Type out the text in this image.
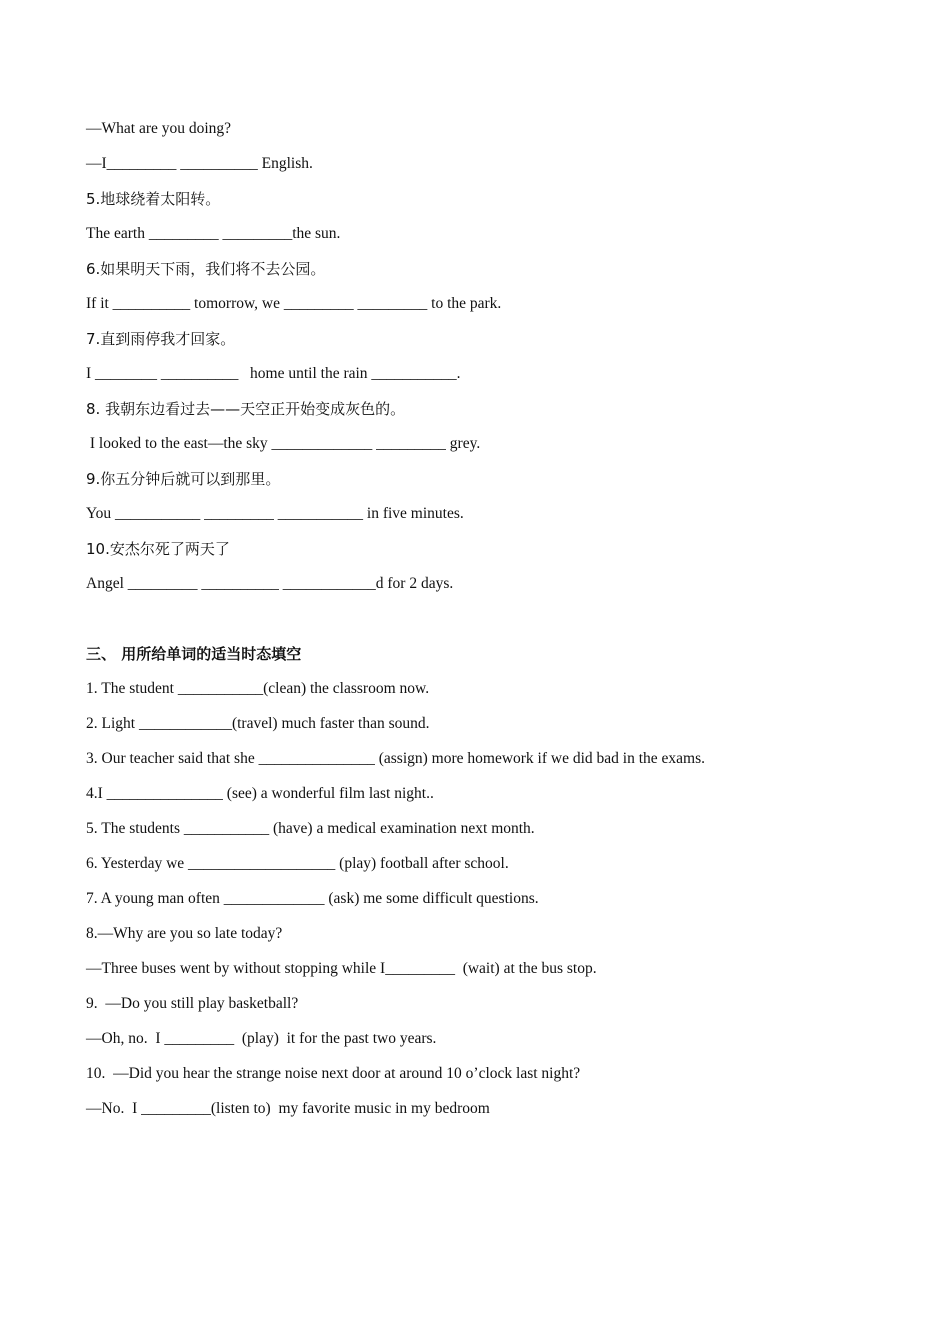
—What are you doing?
—I_________ __________ English.
5.地球绕着太阳转。
The earth _________ _________the sun.
6.如果明天下雨，我们将不去公园。
If it __________ tomorrow, we _________ _________ to the park.
7.直到雨停我才回家。
I ________ __________   home until the rain ___________.
8. 我朝东边看过去——天空正开始变成灰色的。
I looked to the east—the sky _____________ _________ grey.
9.你五分钟后就可以到那里。
You ___________ _________ ___________ in five minutes.
10.安杰尔死了两天了
Angel _________ __________ ____________d for 2 days.
三、 用所给单词的适当时态填空
1. The student ___________(clean) the classroom now.
2. Light ____________(travel) much faster than sound.
3. Our teacher said that she _______________ (assign) more homework if we did bad in the exams.
4.I _______________ (see) a wonderful film last night..
5. The students ___________ (have) a medical examination next month.
6. Yesterday we ___________________ (play) football after school.
7. A young man often _____________ (ask) me some difficult questions.
8.—Why are you so late today?
—Three buses went by without stopping while I_________  (wait) at the bus stop.
9.  —Do you still play basketball?
—Oh, no.  I _________  (play)  it for the past two years.
10.  —Did you hear the strange noise next door at around 10 o’clock last night?
—No.  I _________(listen to)  my favorite music in my bedroom
